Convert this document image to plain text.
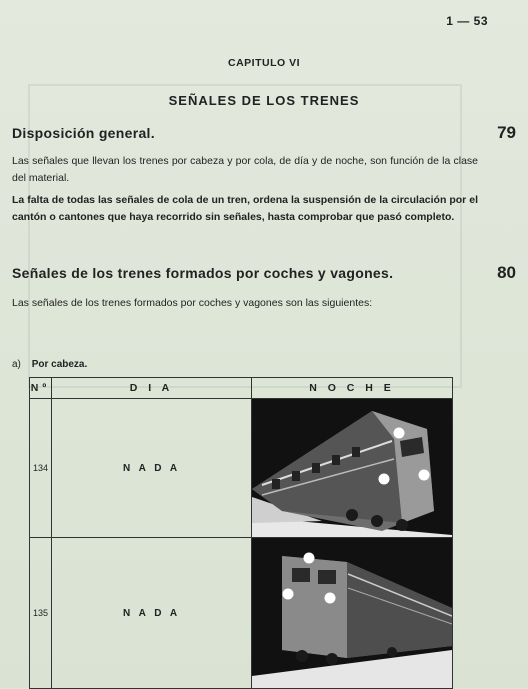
1 — 53
CAPITULO VI
SEÑALES DE LOS TRENES
Disposición general.	79
Las señales que llevan los trenes por cabeza y por cola, de día y de noche, son función de la clase del material.
La falta de todas las señales de cola de un tren, ordena la suspensión de la circulación por el cantón o cantones que haya recorrido sin señales, hasta comprobar que pasó completo.
Señales de los trenes formados por coches y vagones.	80
Las señales de los trenes formados por coches y vagones son las siguientes:
a) Por cabeza.
Nº	D I A	N O C H E
134	N A D A	

135	N A D A	
